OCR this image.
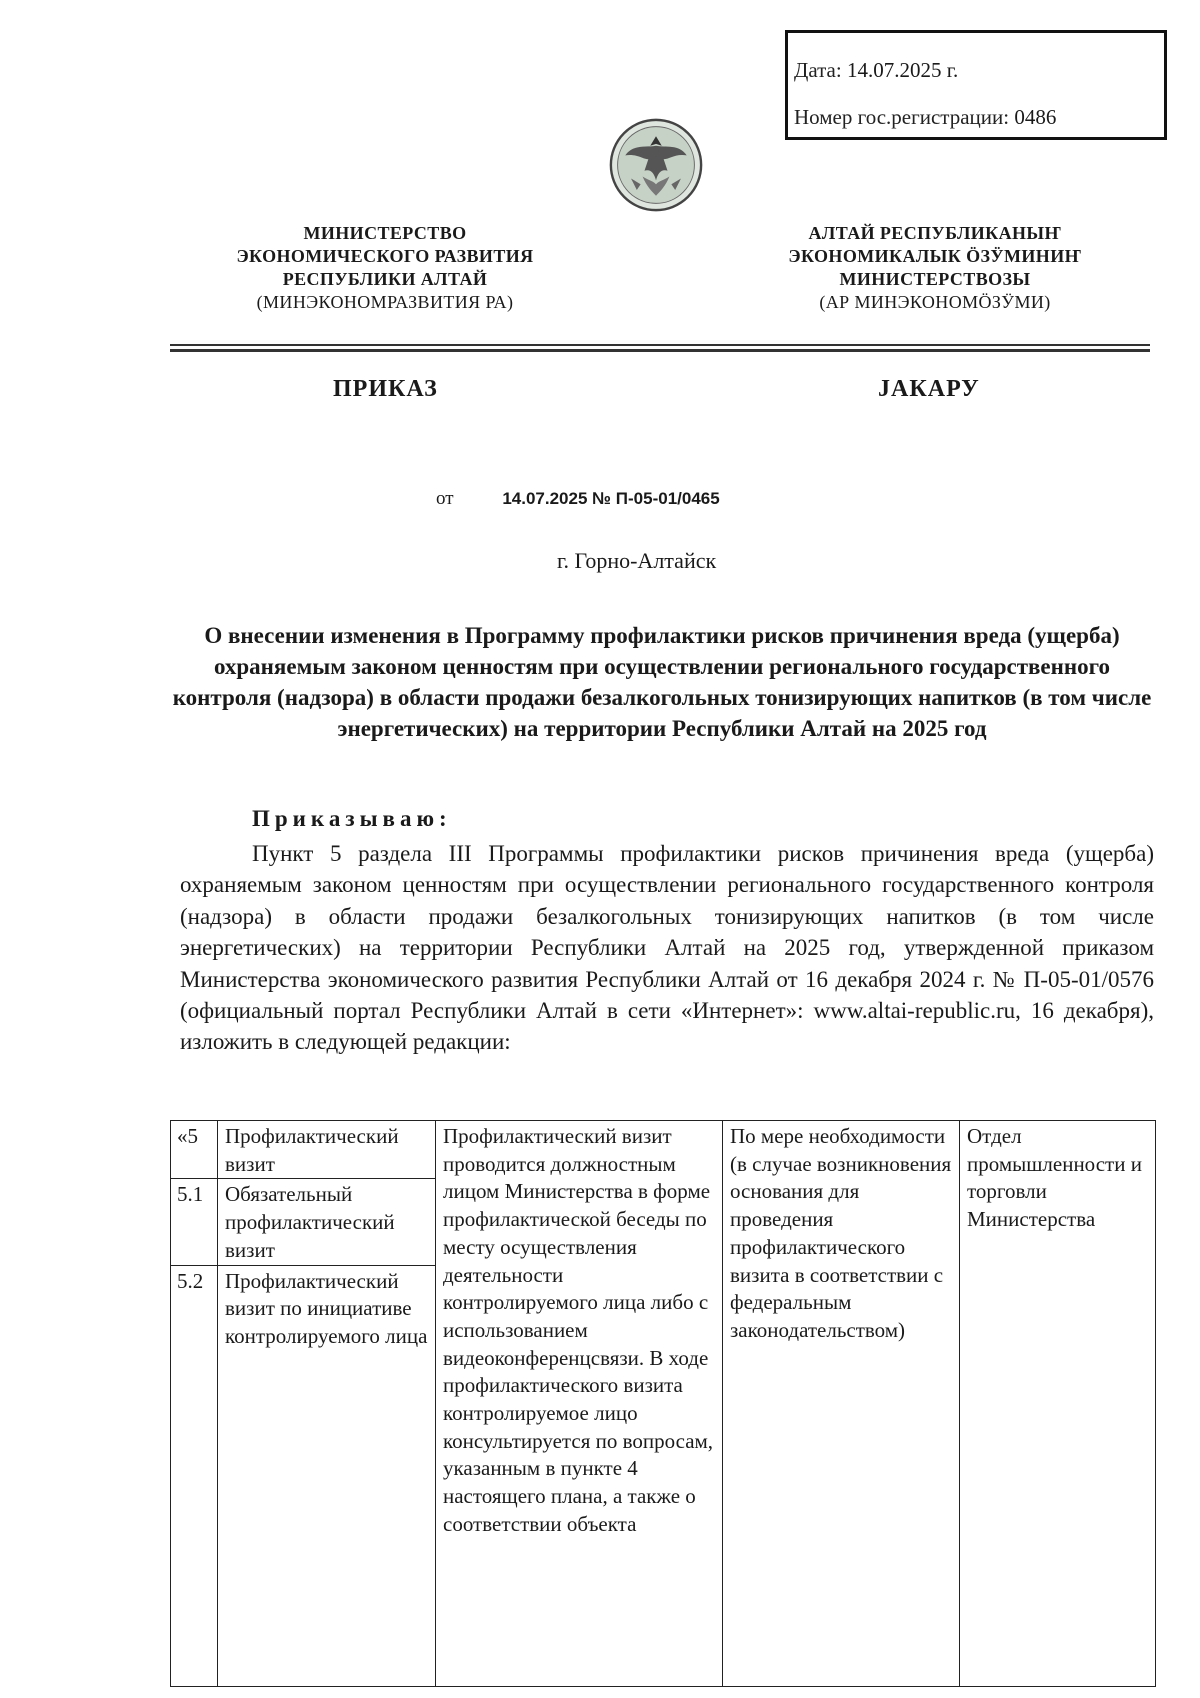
Дата: 14.07.2025 г.
Номер гос.регистрации: 0486
МИНИСТЕРСТВО
ЭКОНОМИЧЕСКОГО РАЗВИТИЯ
РЕСПУБЛИКИ АЛТАЙ
(МИНЭКОНОМРАЗВИТИЯ РА)
АЛТАЙ РЕСПУБЛИКАНЫҤ
ЭКОНОМИКАЛЫК ÖЗӰМИНИҤ
МИНИСТЕРСТВОЗЫ
(АР МИНЭКОНОМÖЗӰМИ)
ПРИКАЗ	JАКАРУ
от	14.07.2025 № П-05-01/0465
г. Горно-Алтайск
О внесении изменения в Программу профилактики рисков причинения вреда (ущерба) охраняемым законом ценностям при осуществлении регионального государственного контроля (надзора) в области продажи безалкогольных тонизирующих напитков (в том числе энергетических) на территории Республики Алтай на 2025 год
Приказываю:
Пункт 5 раздела III Программы профилактики рисков причинения вреда (ущерба) охраняемым законом ценностям при осуществлении регионального государственного контроля (надзора) в области продажи безалкогольных тонизирующих напитков (в том числе энергетических) на территории Республики Алтай на 2025 год, утвержденной приказом Министерства экономического развития Республики Алтай от 16 декабря 2024 г. № П-05-01/0576 (официальный портал Республики Алтай в сети «Интернет»: www.altai-republic.ru, 16 декабря), изложить в следующей редакции:
«5	Профилактический визит	Профилактический визит проводится должностным лицом Министерства в форме профилактической беседы по месту осуществления деятельности контролируемого лица либо с использованием видеоконференцсвязи. В ходе профилактического визита контролируемое лицо консультируется по вопросам, указанным в пункте 4 настоящего плана, а также о соответствии объекта	По мере необходимости (в случае возникновения основания для проведения профилактического визита в соответствии с федеральным законодательством)	Отдел промышленности и торговли Министерства
5.1	Обязательный профилактический визит			
5.2	Профилактический визит по инициативе контролируемого лица			
